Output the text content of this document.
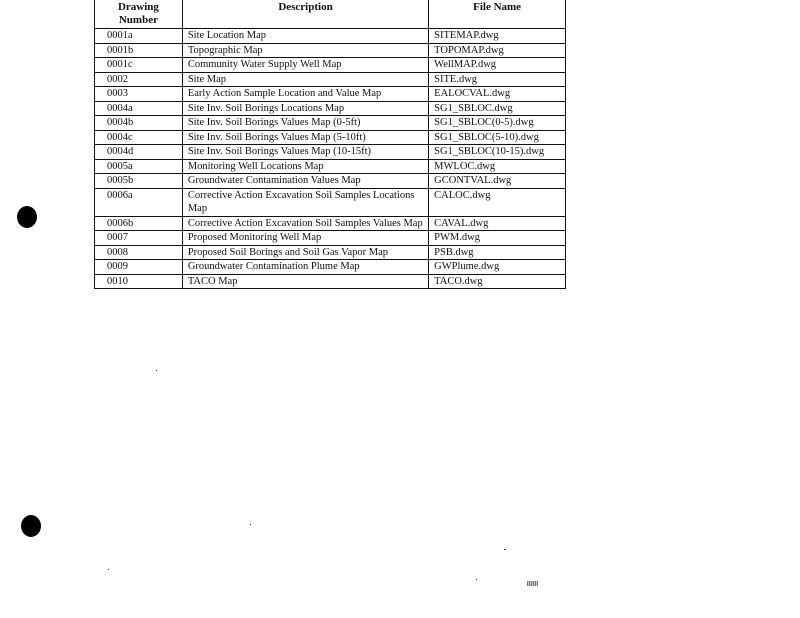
Drawing Number	Description	File Name
0001a	Site Location Map	SITEMAP.dwg
0001b	Topographic Map	TOPOMAP.dwg
0001c	Community Water Supply Well Map	WellMAP.dwg
0002	Site Map	SITE.dwg
0003	Early Action Sample Location and Value Map	EALOCVAL.dwg
0004a	Site Inv. Soil Borings Locations Map	SG1_SBLOC.dwg
0004b	Site Inv. Soil Borings Values Map (0-5ft)	SG1_SBLOC(0-5).dwg
0004c	Site Inv. Soil Borings Values Map (5-10ft)	SG1_SBLOC(5-10).dwg
0004d	Site Inv. Soil Borings Values Map (10-15ft)	SG1_SBLOC(10-15).dwg
0005a	Monitoring Well Locations Map	MWLOC.dwg
0005b	Groundwater Contamination Values Map	GCONTVAL.dwg
0006a	Corrective Action Excavation Soil Samples Locations Map	CALOC.dwg
0006b	Corrective Action Excavation Soil Samples Values Map	CAVAL.dwg
0007	Proposed Monitoring Well Map	PWM.dwg
0008	Proposed Soil Borings and Soil Gas Vapor Map	PSB.dwg
0009	Groundwater Contamination Plume Map	GWPlume.dwg
0010	TACO Map	TACO.dwg
